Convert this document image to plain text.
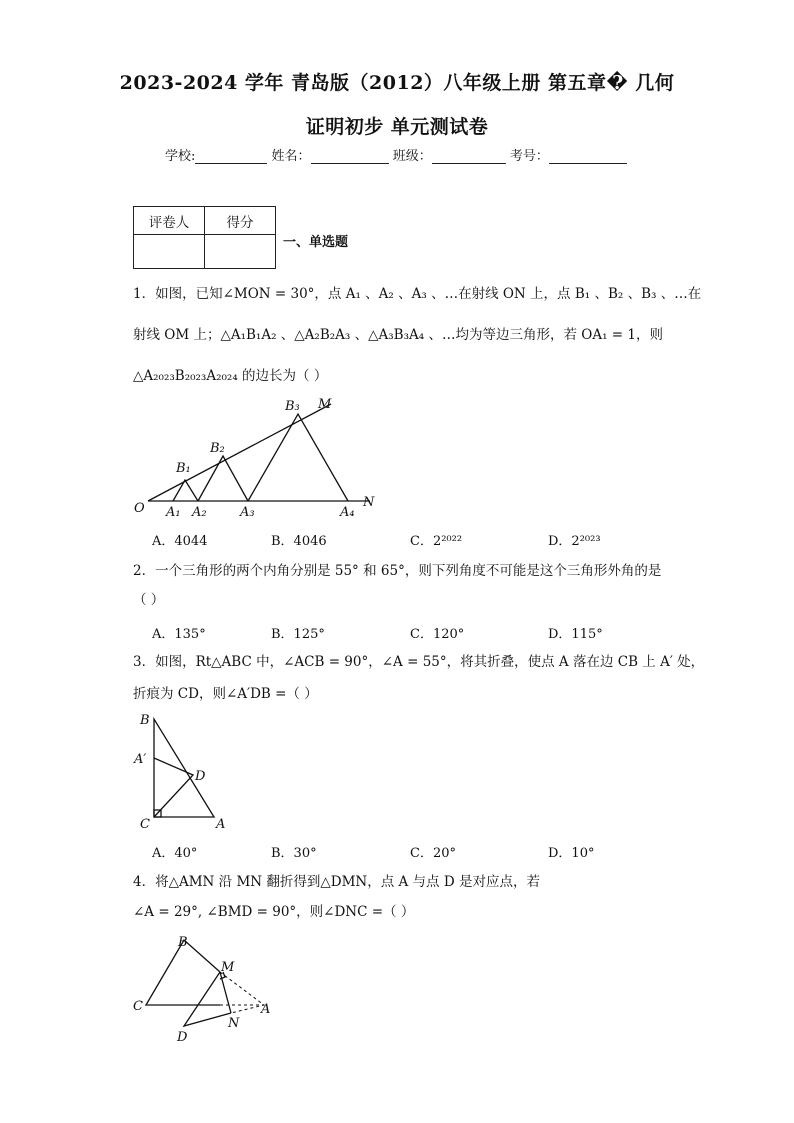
2023-2024 学年 青岛版（2012）八年级上册 第五章� 几何
证明初步 单元测试卷
学校:	姓名：	班级：	考号：
评卷人	得分

一、单选题
1．如图，已知∠MON = 30°，点 A₁ 、A₂ 、A₃ 、…在射线 ON 上，点 B₁ 、B₂ 、B₃ 、…在
射线 OM 上；△A₁B₁A₂ 、△A₂B₂A₃ 、△A₃B₃A₄ 、…均为等边三角形，若 OA₁ = 1，则
△A₂₀₂₃B₂₀₂₃A₂₀₂₄ 的边长为（ ）
O
M
N
A₁ A₂	A₃	A₄
B₁
B₂
B₃
A．4044	B．4046	C．2²⁰²²	D．2²⁰²³
2．一个三角形的两个内角分别是 55° 和 65°，则下列角度不可能是这个三角形外角的是
（ ）
A．135°	B．125°	C．120°	D．115°
3．如图，Rt△ABC 中，∠ACB = 90°，∠A = 55°，将其折叠，使点 A 落在边 CB 上 A′ 处，
折痕为 CD，则∠A′DB =（ ）
B
A′
D
C	A
A．40°	B．30°	C．20°	D．10°
4．将△AMN 沿 MN 翻折得到△DMN，点 A 与点 D 是对应点，若
∠A = 29°, ∠BMD = 90°，则∠DNC =（ ）
B
M
C
N
A
D
